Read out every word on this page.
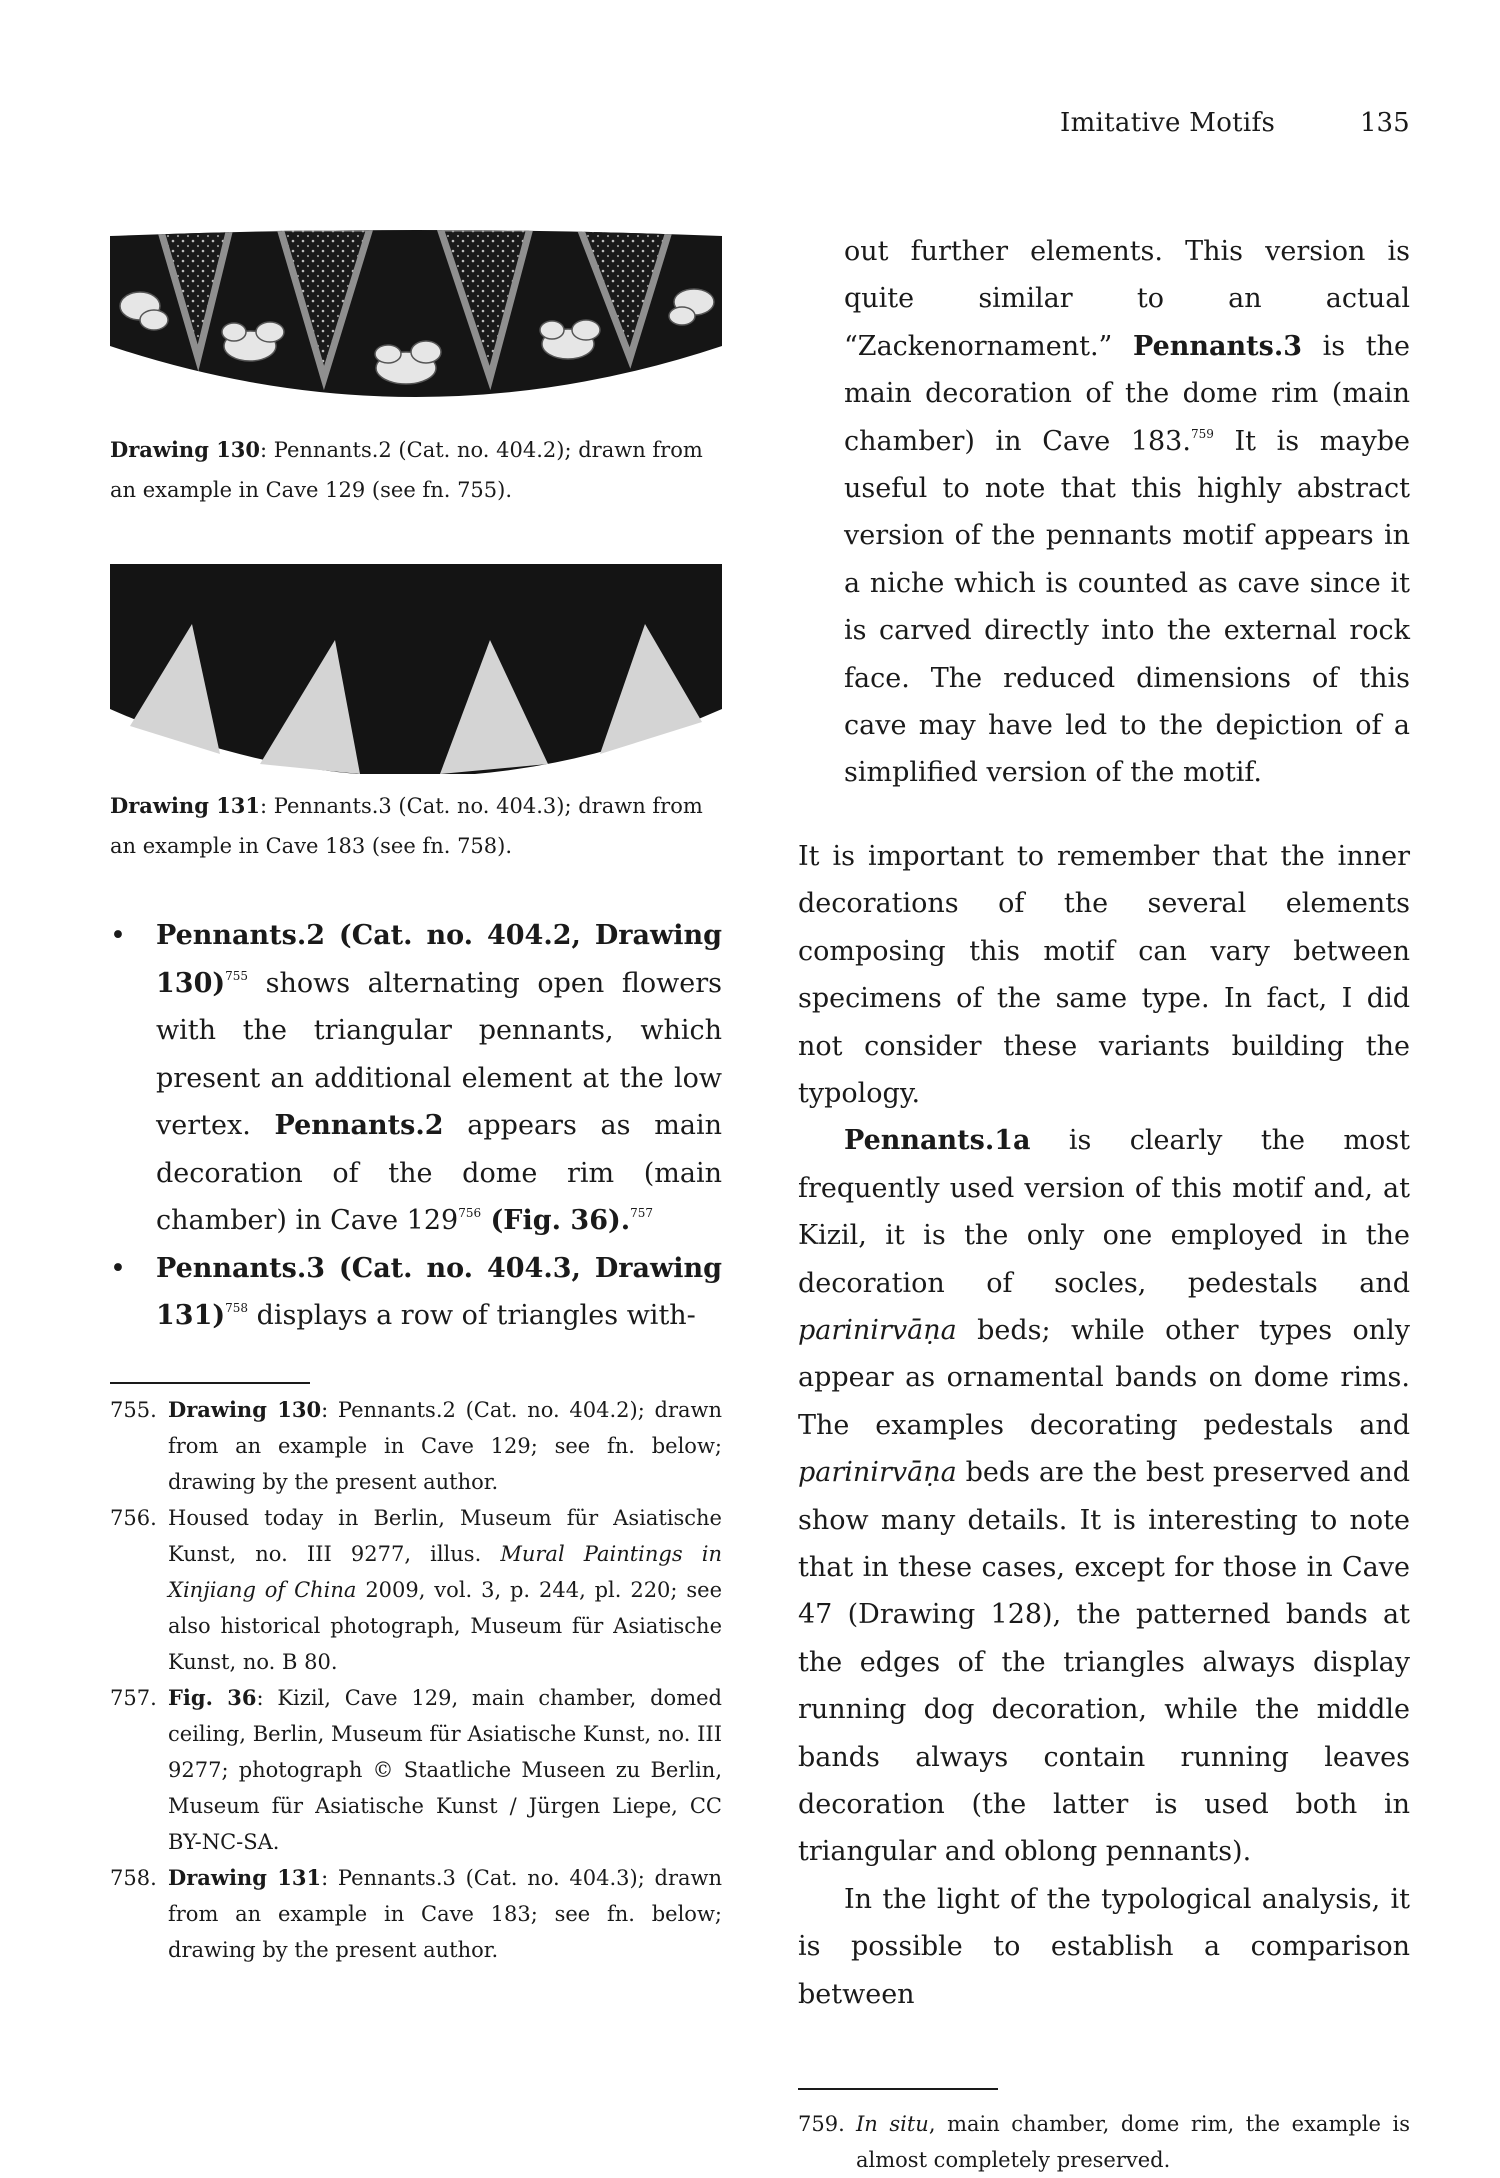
Imitative Motifs	135
Drawing 130: Pennants.2 (Cat. no. 404.2); drawn from an example in Cave 129 (see fn. 755).
Drawing 131: Pennants.3 (Cat. no. 404.3); drawn from an example in Cave 183 (see fn. 758).
• Pennants.2 (Cat. no. 404.2, Drawing 130)$^{755}$ shows alternating open flowers with the triangular pennants, which present an additional element at the low vertex. Pennants.2 appears as main decoration of the dome rim (main chamber) in Cave $129^{756}$ (Fig. 36).$^{757}$
• Pennants.3 (Cat. no. 404.3, Drawing 131)$^{758}$ displays a row of triangles with-
755. Drawing 130: Pennants.2 (Cat. no. 404.2); drawn from an example in Cave 129; see fn. below; drawing by the present author.
756. Housed today in Berlin, Museum für Asiatische Kunst, no. III 9277, illus. Mural Paintings in Xinjiang of China 2009, vol. 3, p. 244, pl. 220; see also historical photograph, Museum für Asiatische Kunst, no. B 80.
757. Fig. 36: Kizil, Cave 129, main chamber, domed ceiling, Berlin, Museum für Asiatische Kunst, no. III 9277; photograph © Staatliche Museen zu Berlin, Museum für Asiatische Kunst / Jürgen Liepe, CC BY-NC-SA.
758. Drawing 131: Pennants.3 (Cat. no. 404.3); drawn from an example in Cave 183; see fn. below; drawing by the present author.
out further elements. This version is quite similar to an actual “Zackenornament.” Pennants.3 is the main decoration of the dome rim (main chamber) in Cave 183.$^{759}$ It is maybe useful to note that this highly abstract version of the pennants motif appears in a niche which is counted as cave since it is carved directly into the external rock face. The reduced dimensions of this cave may have led to the depiction of a simplified version of the motif.

It is important to remember that the inner decorations of the several elements composing this motif can vary between specimens of the same type. In fact, I did not consider these variants building the typology.

Pennants.1a is clearly the most frequently used version of this motif and, at Kizil, it is the only one employed in the decoration of socles, pedestals and parinirvāṇa beds; while other types only appear as ornamental bands on dome rims. The examples decorating pedestals and parinirvāṇa beds are the best preserved and show many details. It is interesting to note that in these cases, except for those in Cave 47 (Drawing 128), the patterned bands at the edges of the triangles always display running dog decoration, while the middle bands always contain running leaves decoration (the latter is used both in triangular and oblong pennants).

In the light of the typological analysis, it is possible to establish a comparison between

759. In situ, main chamber, dome rim, the example is almost completely preserved.
